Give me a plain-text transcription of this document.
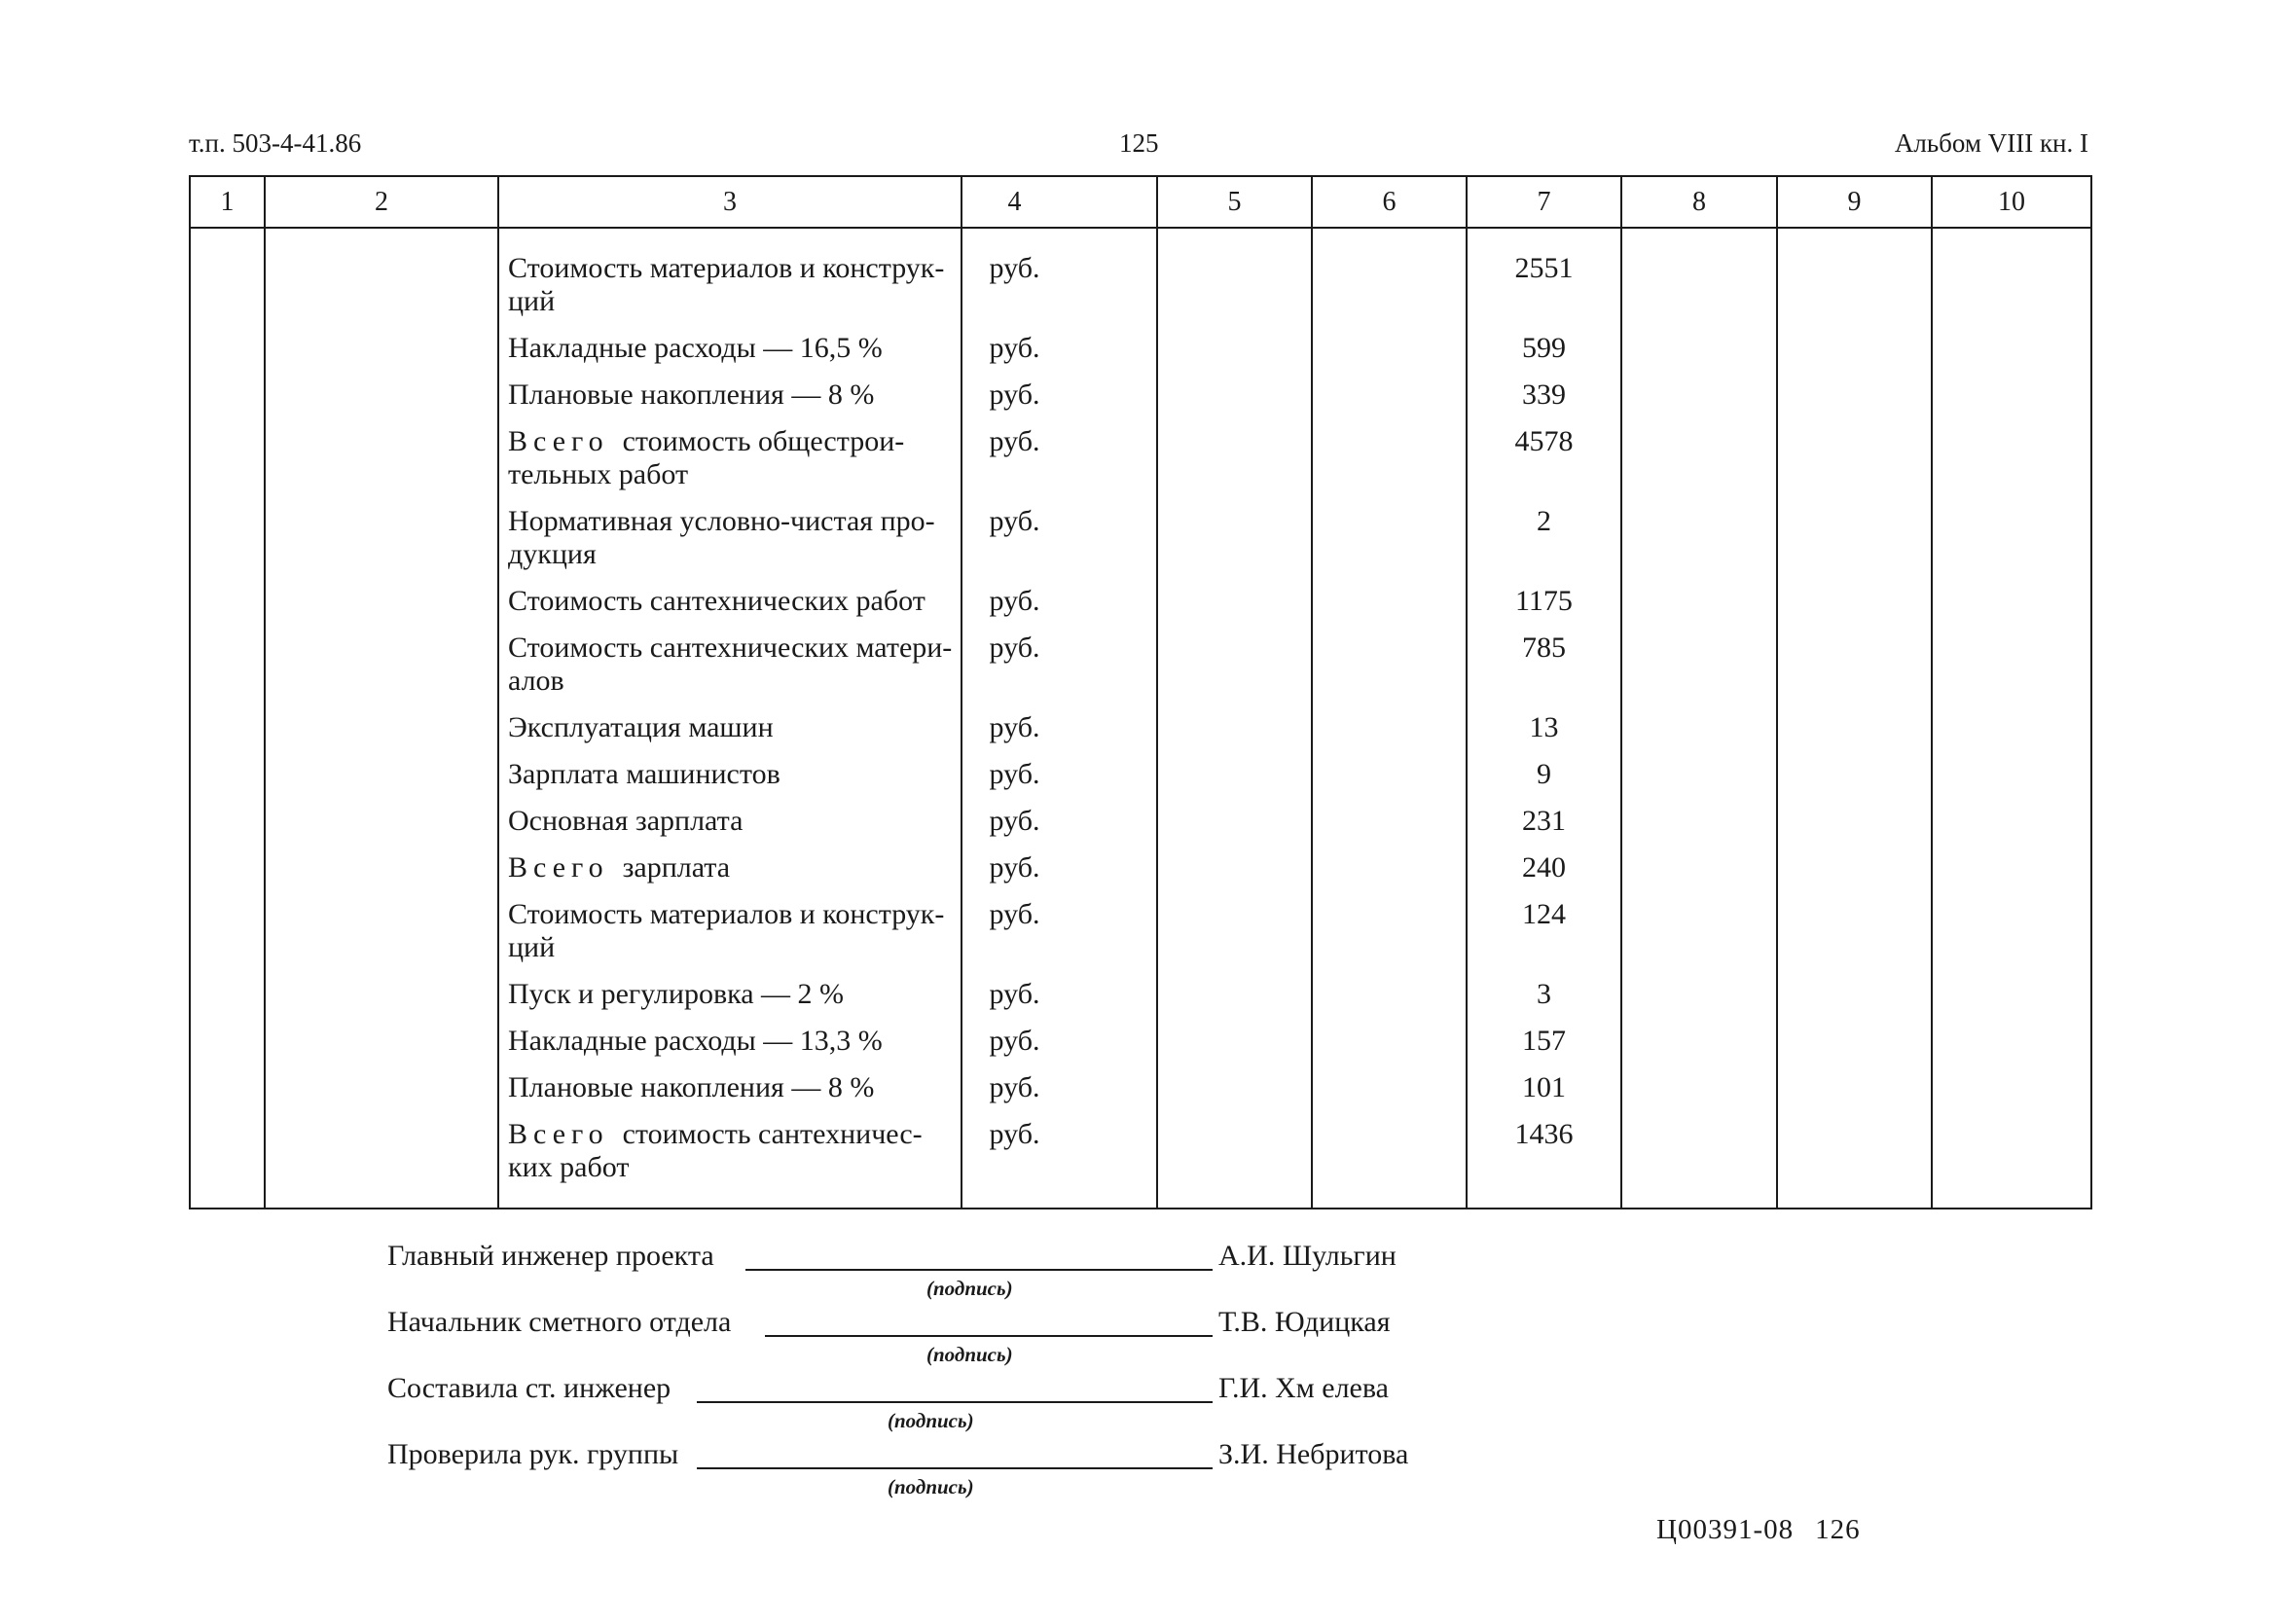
т.п. 503-4-41.86	125	Альбом VIII кн. I
1	2	3	4	5	6	7	8	9	10

		Стоимость материалов и конструк-
ций	руб.			2551			
		Накладные расходы — 16,5 %	руб.			599			
		Плановые накопления — 8 %	руб.			339			
		Всего стоимость общестрои-
тельных работ	руб.			4578			
		Нормативная условно-чистая про-
дукция	руб.			2			
		Стоимость сантехнических работ	руб.			1175			
		Стоимость сантехнических матери-
алов	руб.			785			
		Эксплуатация машин	руб.			13			
		Зарплата машинистов	руб.			9			
		Основная зарплата	руб.			231			
		Всего зарплата	руб.			240			
		Стоимость материалов и конструк-
ций	руб.			124			
		Пуск и регулировка — 2 %	руб.			3			
		Накладные расходы — 13,3 %	руб.			157			
		Плановые накопления — 8 %	руб.			101			
		Всего стоимость сантехничес-
ких работ	руб.			1436			
Главный инженер проекта
(подпись)
А.И. Шульгин
Начальник сметного отдела
(подпись)
Т.В. Юдицкая
Составила ст. инженер
(подпись)
Г.И. Хм елева
Проверила рук. группы
(подпись)
З.И. Небритова
Ц00391-08 126
